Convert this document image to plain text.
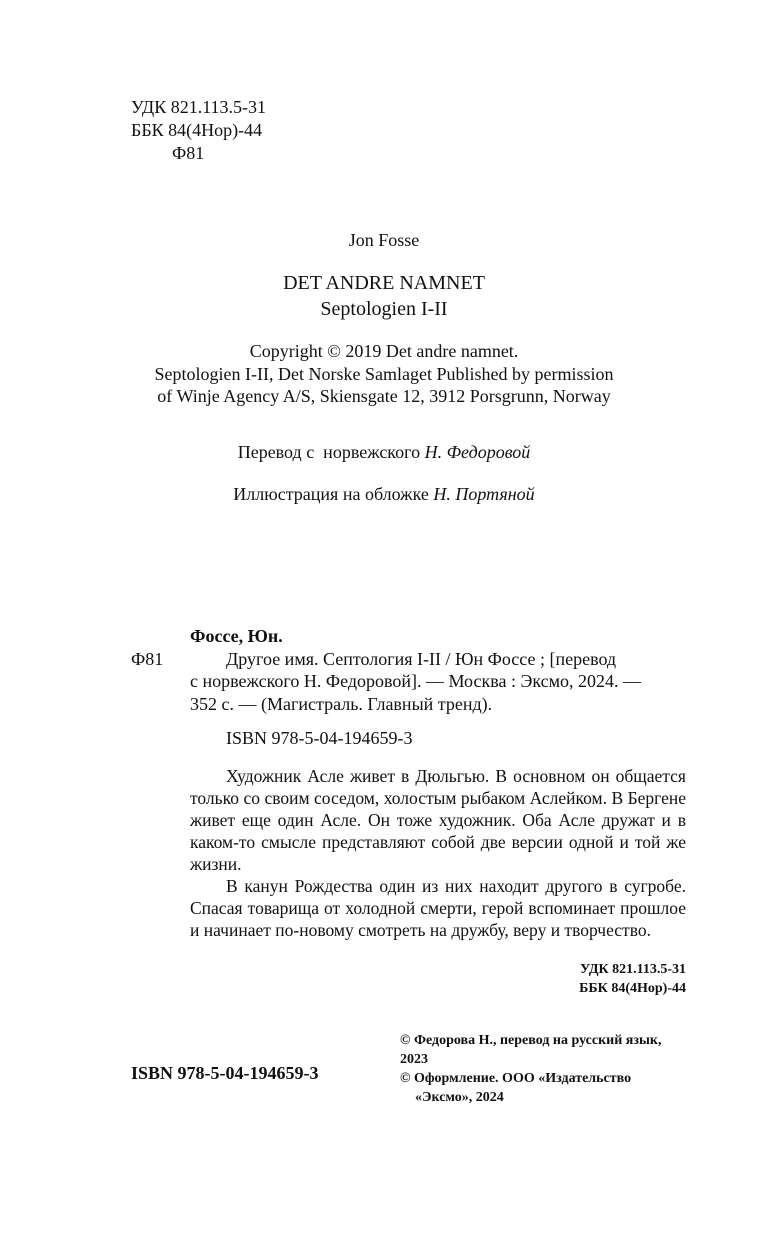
УДК 821.113.5-31
ББК 84(4Нор)-44
Ф81
Jon Fosse
DET ANDRE NAMNET
Septologien I-II
Copyright © 2019 Det andre namnet.
Septologien I-II, Det Norske Samlaget Published by permission
of Winje Agency A/S, Skiensgate 12, 3912 Porsgrunn, Norway
Перевод с  норвежского Н. Федоровой
Иллюстрация на обложке Н. Портяной
Фоссе, Юн.
Ф81	Другое имя. Септология I-II / Юн Фоссе ; [перевод
с норвежского Н. Федоровой]. — Москва : Эксмо, 2024. —
352 с. — (Магистраль. Главный тренд).
ISBN 978-5-04-194659-3

Художник Асле живет в Дюльгью. В основном он общается только со своим соседом, холостым рыбаком Аслейком. В Бергене живет еще один Асле. Он тоже художник. Оба Асле дружат и в каком-то смысле представляют собой две версии одной и той же жизни.

В канун Рождества один из них находит другого в сугробе. Спасая товарища от холодной смерти, герой вспоминает прошлое и начинает по-новому смотреть на дружбу, веру и творчество.

УДК 821.113.5-31
ББК 84(4Нор)-44
© Федорова Н., перевод на русский язык, 2023
© Оформление. ООО «Издательство
«Эксмо», 2024
ISBN 978-5-04-194659-3
